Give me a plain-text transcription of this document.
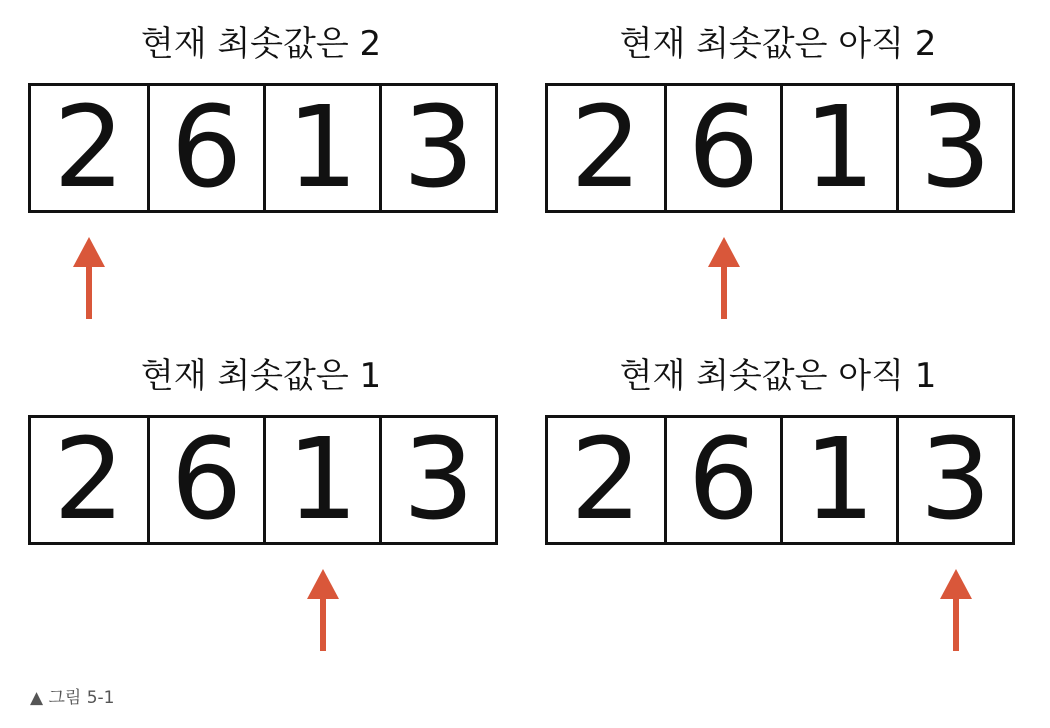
현재 최솟값은 2
2 6 1 3
현재 최솟값은 아직 2
2 6 1 3
현재 최솟값은 1
2 6 1 3
현재 최솟값은 아직 1
2 6 1 3
▲ 그림 5-1
